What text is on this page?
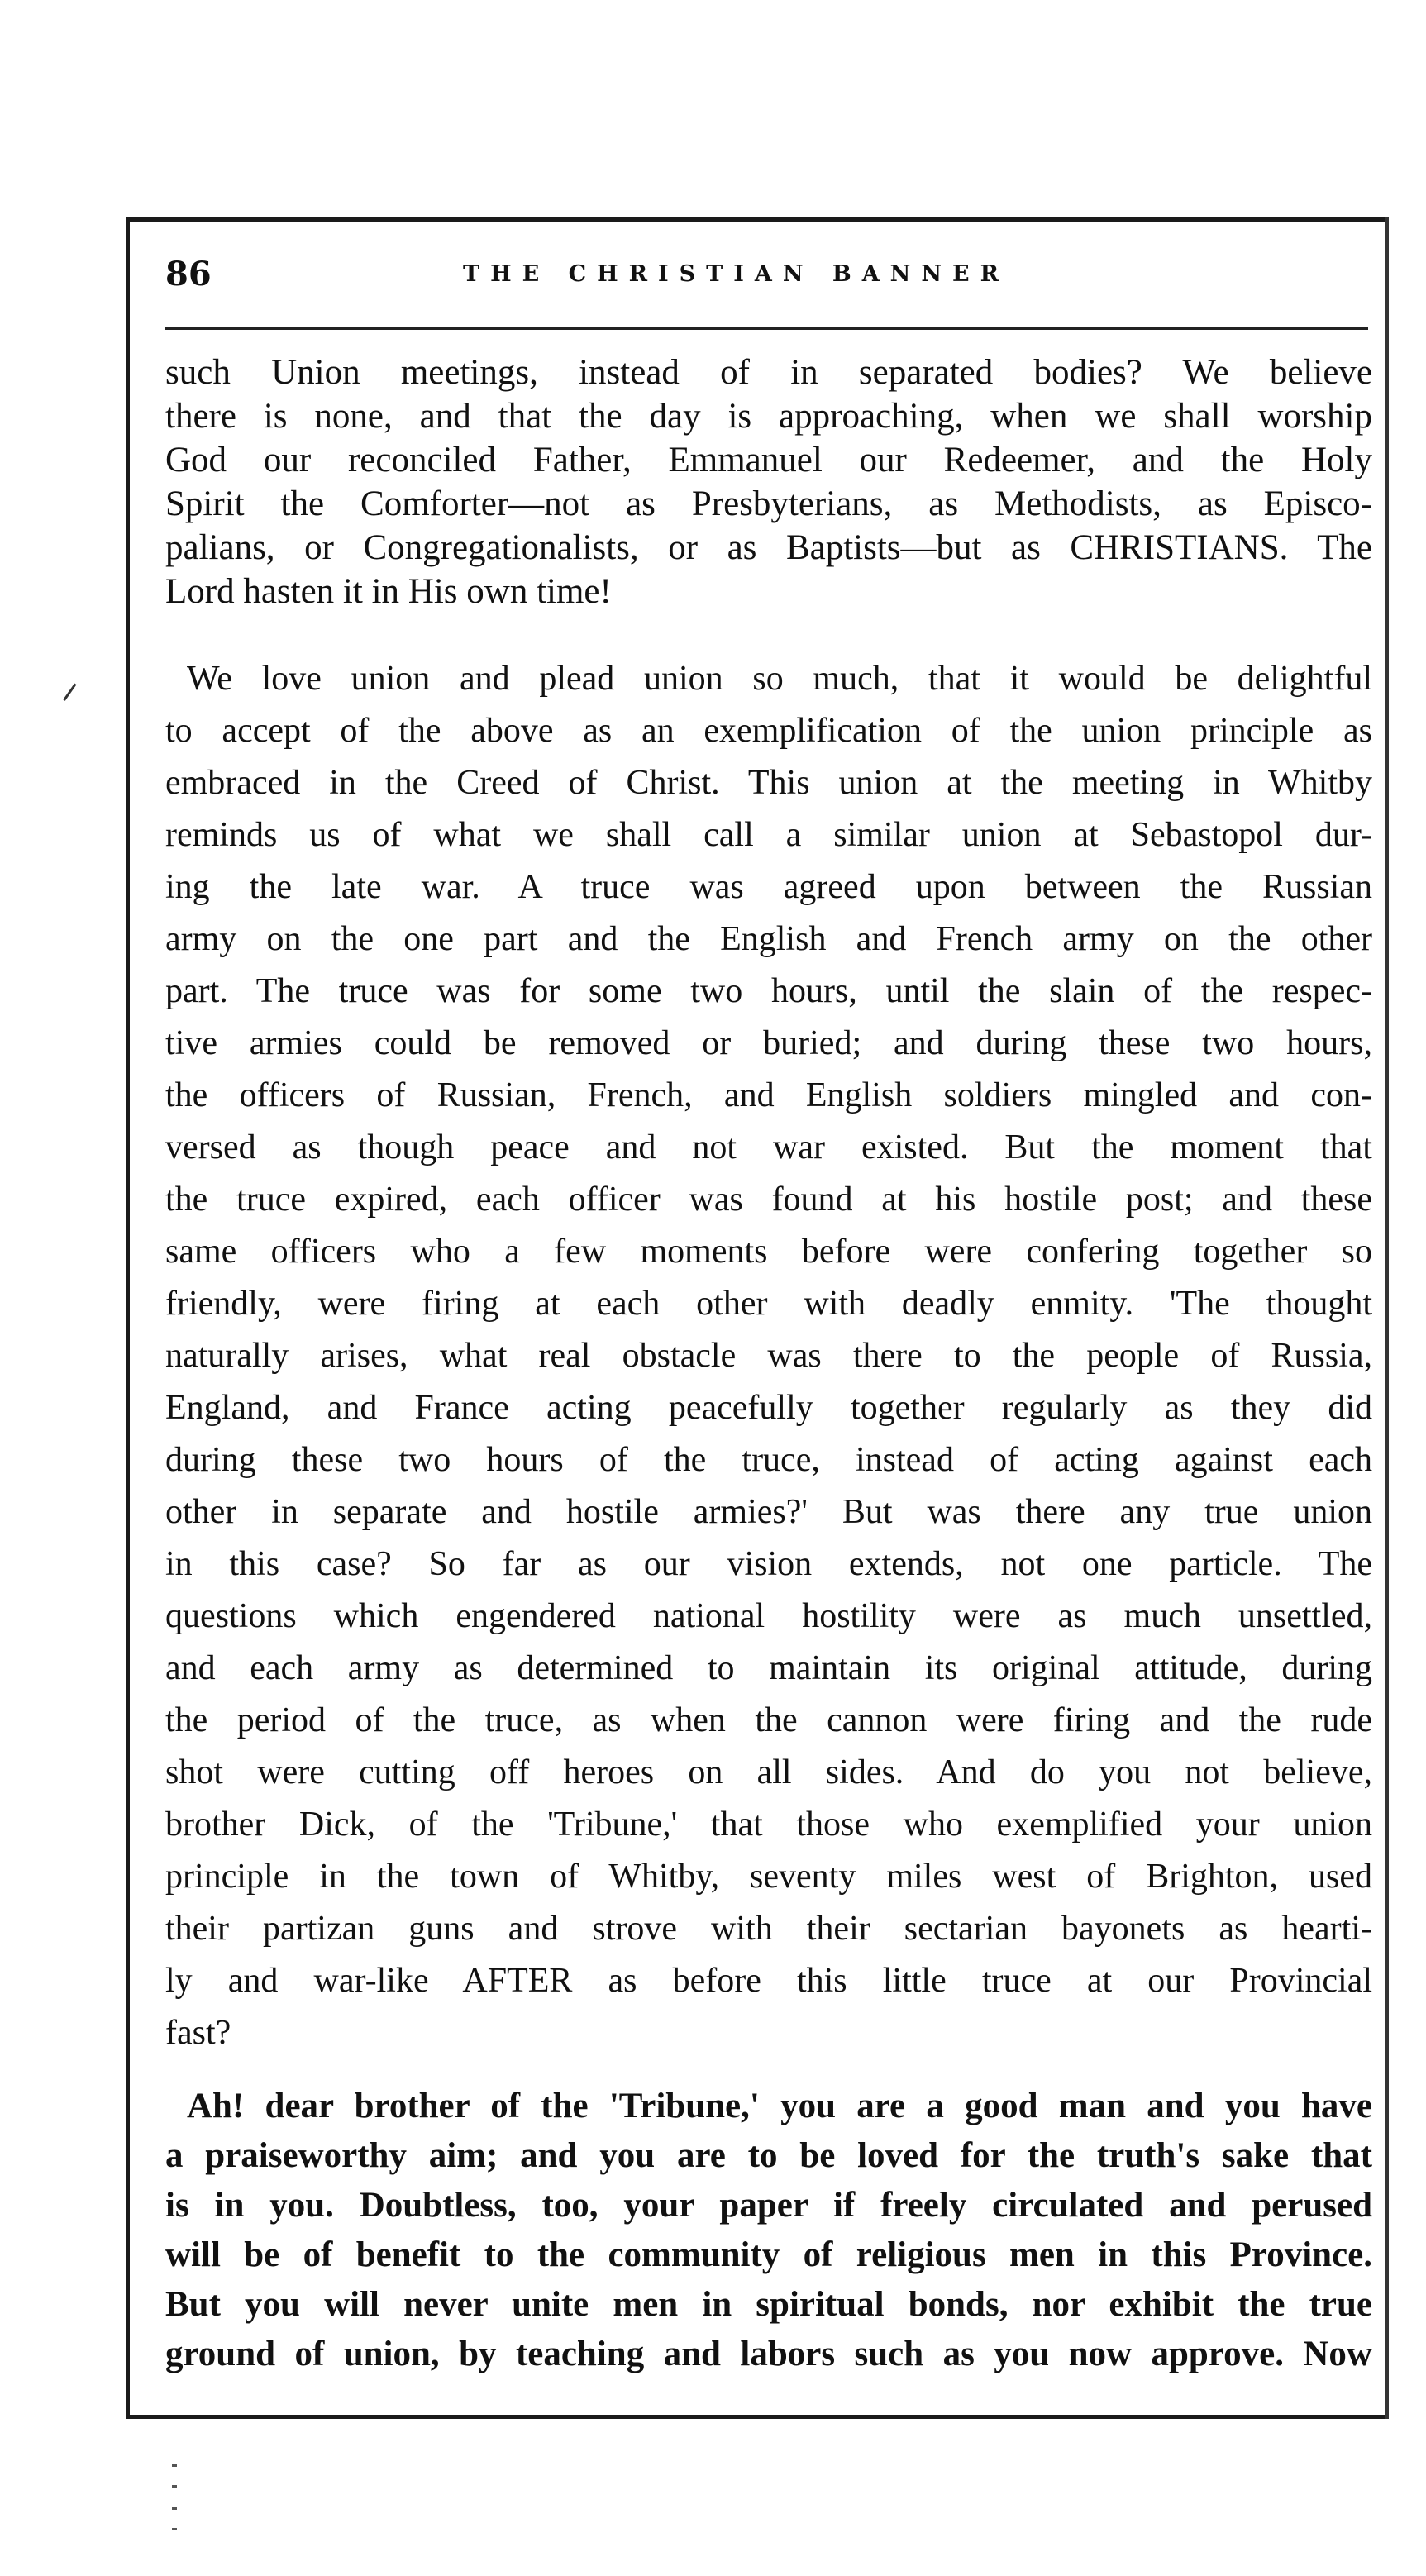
86	THE CHRISTIAN BANNER
such Union meetings, instead of in separated bodies? We believe
there is none, and that the day is approaching, when we shall worship
God our reconciled Father, Emmanuel our Redeemer, and the Holy
Spirit the Comforter—not as Presbyterians, as Methodists, as Episco-
palians, or Congregationalists, or as Baptists—but as CHRISTIANS. The
Lord hasten it in His own time!
We love union and plead union so much, that it would be delightful
to accept of the above as an exemplification of the union principle as
embraced in the Creed of Christ. This union at the meeting in Whitby
reminds us of what we shall call a similar union at Sebastopol dur-
ing the late war. A truce was agreed upon between the Russian
army on the one part and the English and French army on the other
part. The truce was for some two hours, until the slain of the respec-
tive armies could be removed or buried; and during these two hours,
the officers of Russian, French, and English soldiers mingled and con-
versed as though peace and not war existed. But the moment that
the truce expired, each officer was found at his hostile post; and these
same officers who a few moments before were confering together so
friendly, were firing at each other with deadly enmity. 'The thought
naturally arises, what real obstacle was there to the people of Russia,
England, and France acting peacefully together regularly as they did
during these two hours of the truce, instead of acting against each
other in separate and hostile armies?' But was there any true union
in this case? So far as our vision extends, not one particle. The
questions which engendered national hostility were as much unsettled,
and each army as determined to maintain its original attitude, during
the period of the truce, as when the cannon were firing and the rude
shot were cutting off heroes on all sides. And do you not believe,
brother Dick, of the 'Tribune,' that those who exemplified your union
principle in the town of Whitby, seventy miles west of Brighton, used
their partizan guns and strove with their sectarian bayonets as hearti-
ly and war-like AFTER as before this little truce at our Provincial
fast?
Ah! dear brother of the 'Tribune,' you are a good man and you have
a praiseworthy aim; and you are to be loved for the truth's sake that
is in you. Doubtless, too, your paper if freely circulated and perused
will be of benefit to the community of religious men in this Province.
But you will never unite men in spiritual bonds, nor exhibit the true
ground of union, by teaching and labors such as you now approve. Now
